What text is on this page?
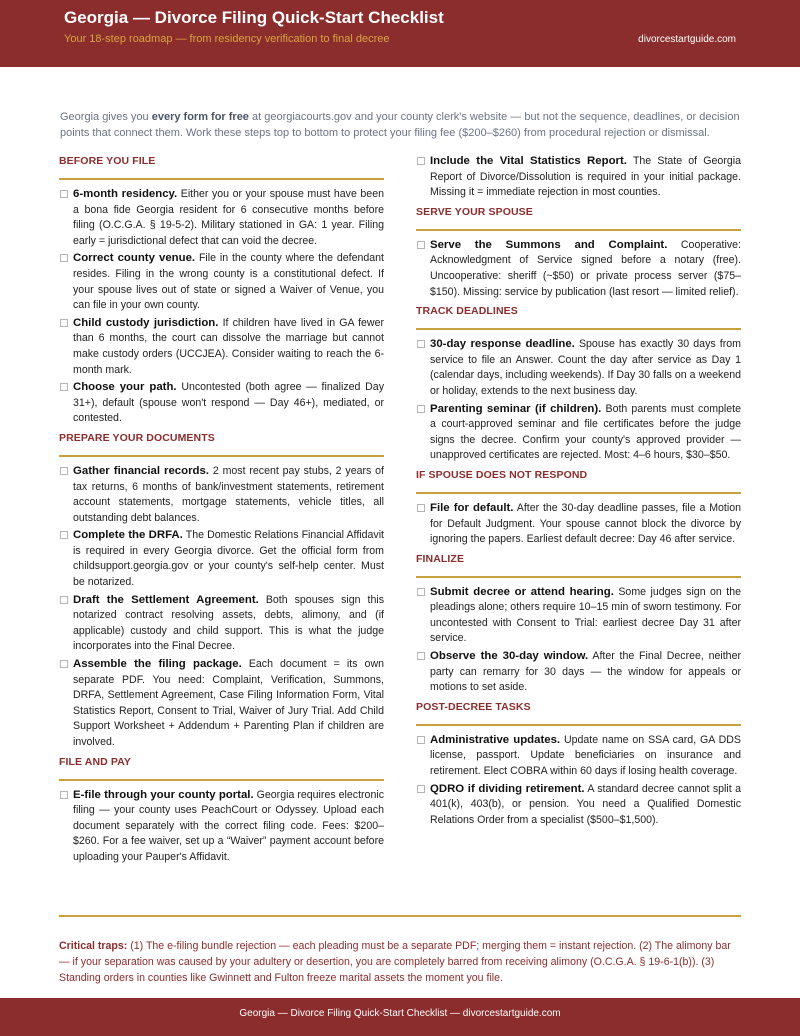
Georgia — Divorce Filing Quick-Start Checklist
Your 18-step roadmap — from residency verification to final decree	divorcestartguide.com
Georgia gives you every form for free at georgiacourts.gov and your county clerk's website — but not the sequence, deadlines, or decision points that connect them. Work these steps top to bottom to protect your filing fee ($200–$260) from procedural rejection or dismissal.
BEFORE YOU FILE
6-month residency. Either you or your spouse must have been a bona fide Georgia resident for 6 consecutive months before filing (O.C.G.A. § 19-5-2). Military stationed in GA: 1 year. Filing early = jurisdictional defect that can void the decree.
Correct county venue. File in the county where the defendant resides. Filing in the wrong county is a constitutional defect. If your spouse lives out of state or signed a Waiver of Venue, you can file in your own county.
Child custody jurisdiction. If children have lived in GA fewer than 6 months, the court can dissolve the marriage but cannot make custody orders (UCCJEA). Consider waiting to reach the 6-month mark.
Choose your path. Uncontested (both agree — finalized Day 31+), default (spouse won't respond — Day 46+), mediated, or contested.
PREPARE YOUR DOCUMENTS
Gather financial records. 2 most recent pay stubs, 2 years of tax returns, 6 months of bank/investment statements, retirement account statements, mortgage statements, vehicle titles, all outstanding debt balances.
Complete the DRFA. The Domestic Relations Financial Affidavit is required in every Georgia divorce. Get the official form from childsupport.georgia.gov or your county's self-help center. Must be notarized.
Draft the Settlement Agreement. Both spouses sign this notarized contract resolving assets, debts, alimony, and (if applicable) custody and child support. This is what the judge incorporates into the Final Decree.
Assemble the filing package. Each document = its own separate PDF. You need: Complaint, Verification, Summons, DRFA, Settlement Agreement, Case Filing Information Form, Vital Statistics Report, Consent to Trial, Waiver of Jury Trial. Add Child Support Worksheet + Addendum + Parenting Plan if children are involved.
FILE AND PAY
E-file through your county portal. Georgia requires electronic filing — your county uses PeachCourt or Odyssey. Upload each document separately with the correct filing code. Fees: $200–$260. For a fee waiver, set up a “Waiver” payment account before uploading your Pauper's Affidavit.
Include the Vital Statistics Report. The State of Georgia Report of Divorce/Dissolution is required in your initial package. Missing it = immediate rejection in most counties.
SERVE YOUR SPOUSE
Serve the Summons and Complaint. Cooperative: Acknowledgment of Service signed before a notary (free). Uncooperative: sheriff (~$50) or private process server ($75–$150). Missing: service by publication (last resort — limited relief).
TRACK DEADLINES
30-day response deadline. Spouse has exactly 30 days from service to file an Answer. Count the day after service as Day 1 (calendar days, including weekends). If Day 30 falls on a weekend or holiday, extends to the next business day.
Parenting seminar (if children). Both parents must complete a court-approved seminar and file certificates before the judge signs the decree. Confirm your county's approved provider — unapproved certificates are rejected. Most: 4–6 hours, $30–$50.
IF SPOUSE DOES NOT RESPOND
File for default. After the 30-day deadline passes, file a Motion for Default Judgment. Your spouse cannot block the divorce by ignoring the papers. Earliest default decree: Day 46 after service.
FINALIZE
Submit decree or attend hearing. Some judges sign on the pleadings alone; others require 10–15 min of sworn testimony. For uncontested with Consent to Trial: earliest decree Day 31 after service.
Observe the 30-day window. After the Final Decree, neither party can remarry for 30 days — the window for appeals or motions to set aside.
POST-DECREE TASKS
Administrative updates. Update name on SSA card, GA DDS license, passport. Update beneficiaries on insurance and retirement. Elect COBRA within 60 days if losing health coverage.
QDRO if dividing retirement. A standard decree cannot split a 401(k), 403(b), or pension. You need a Qualified Domestic Relations Order from a specialist ($500–$1,500).
Critical traps: (1) The e-filing bundle rejection — each pleading must be a separate PDF; merging them = instant rejection. (2) The alimony bar — if your separation was caused by your adultery or desertion, you are completely barred from receiving alimony (O.C.G.A. § 19-6-1(b)). (3) Standing orders in counties like Gwinnett and Fulton freeze marital assets the moment you file.
Georgia — Divorce Filing Quick-Start Checklist — divorcestartguide.com
